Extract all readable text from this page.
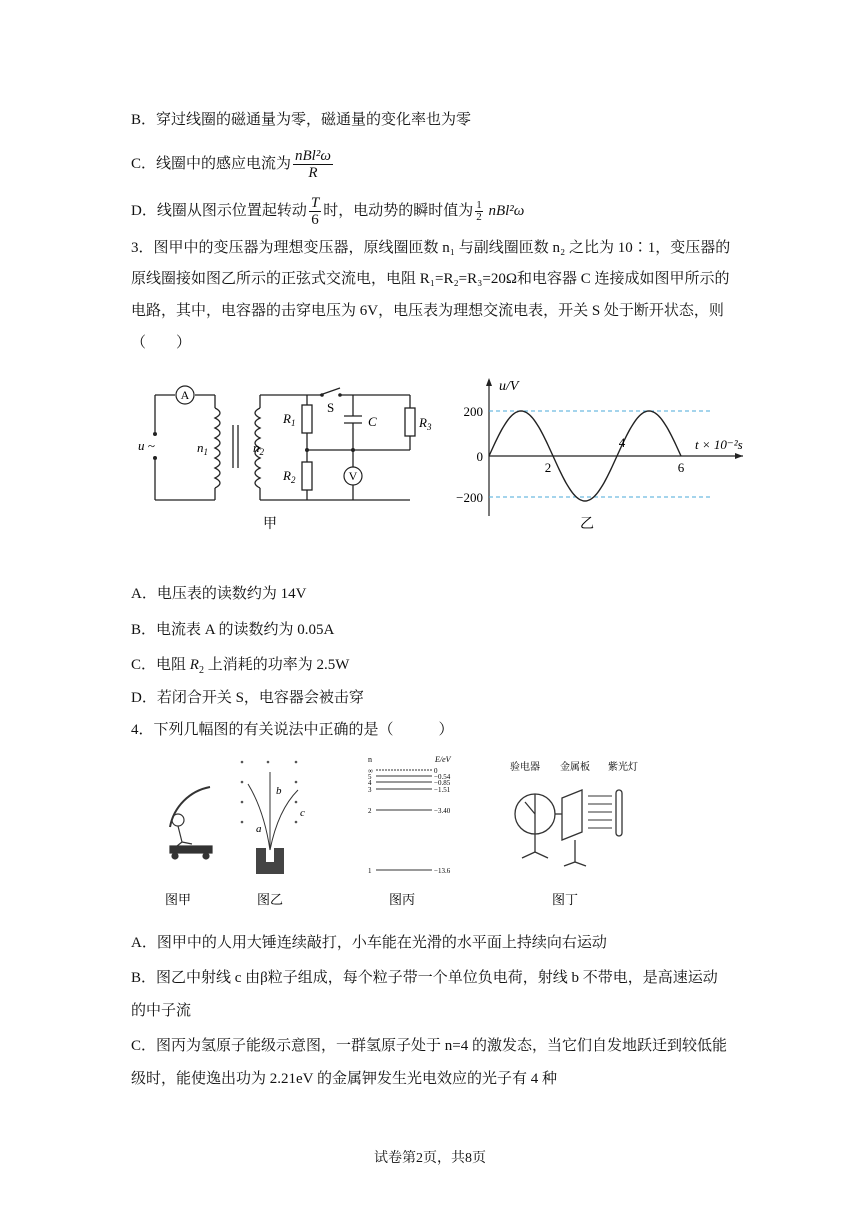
B．穿过线圈的磁通量为零，磁通量的变化率也为零
C．线圈中的感应电流为 $\frac{\text{nBl²ω}}{R}$
D．线圈从图示位置起转动 $\frac{T}{6}$ 时，电动势的瞬时值为 $\frac{1}{2} nBl^2\omega$
3．图甲中的变压器为理想变压器，原线圈匝数 n₁ 与副线圈匝数 n₂ 之比为 10∶1，变压器的
原线圈接如图乙所示的正弦式交流电，电阻 R₁=R₂=R₃=20Ω和电容器 C 连接成如图甲所示的
电路，其中，电容器的击穿电压为 6V，电压表为理想交流电表，开关 S 处于断开状态，则
（　　）
A
V
u ~	$n_1$	$n_2$
$R_1$
$R_2$
$R_3$
S
C
甲
u/V
t × 10⁻²s
200
−200
0
2
4
6
乙
A．电压表的读数约为 14V
B．电流表 A 的读数约为 0.05A
C．电阻 $R_2$ 上消耗的功率为 2.5W
D．若闭合开关 S，电容器会被击穿
4．下列几幅图的有关说法中正确的是（　　　）
图甲
a
b
c
图乙
∞	0
5	−0.54
4	−0.85
3	−1.51
2	−3.40
1	−13.6
n	E/eV
图丙
验电器 金属板 紫光灯
图丁
A．图甲中的人用大锤连续敲打，小车能在光滑的水平面上持续向右运动
B．图乙中射线 c 由β粒子组成，每个粒子带一个单位负电荷，射线 b 不带电，是高速运动
的中子流
C．图丙为氢原子能级示意图，一群氢原子处于 n=4 的激发态，当它们自发地跃迁到较低能
级时，能使逸出功为 2.21eV 的金属钾发生光电效应的光子有 4 种
试卷第2页，共8页
